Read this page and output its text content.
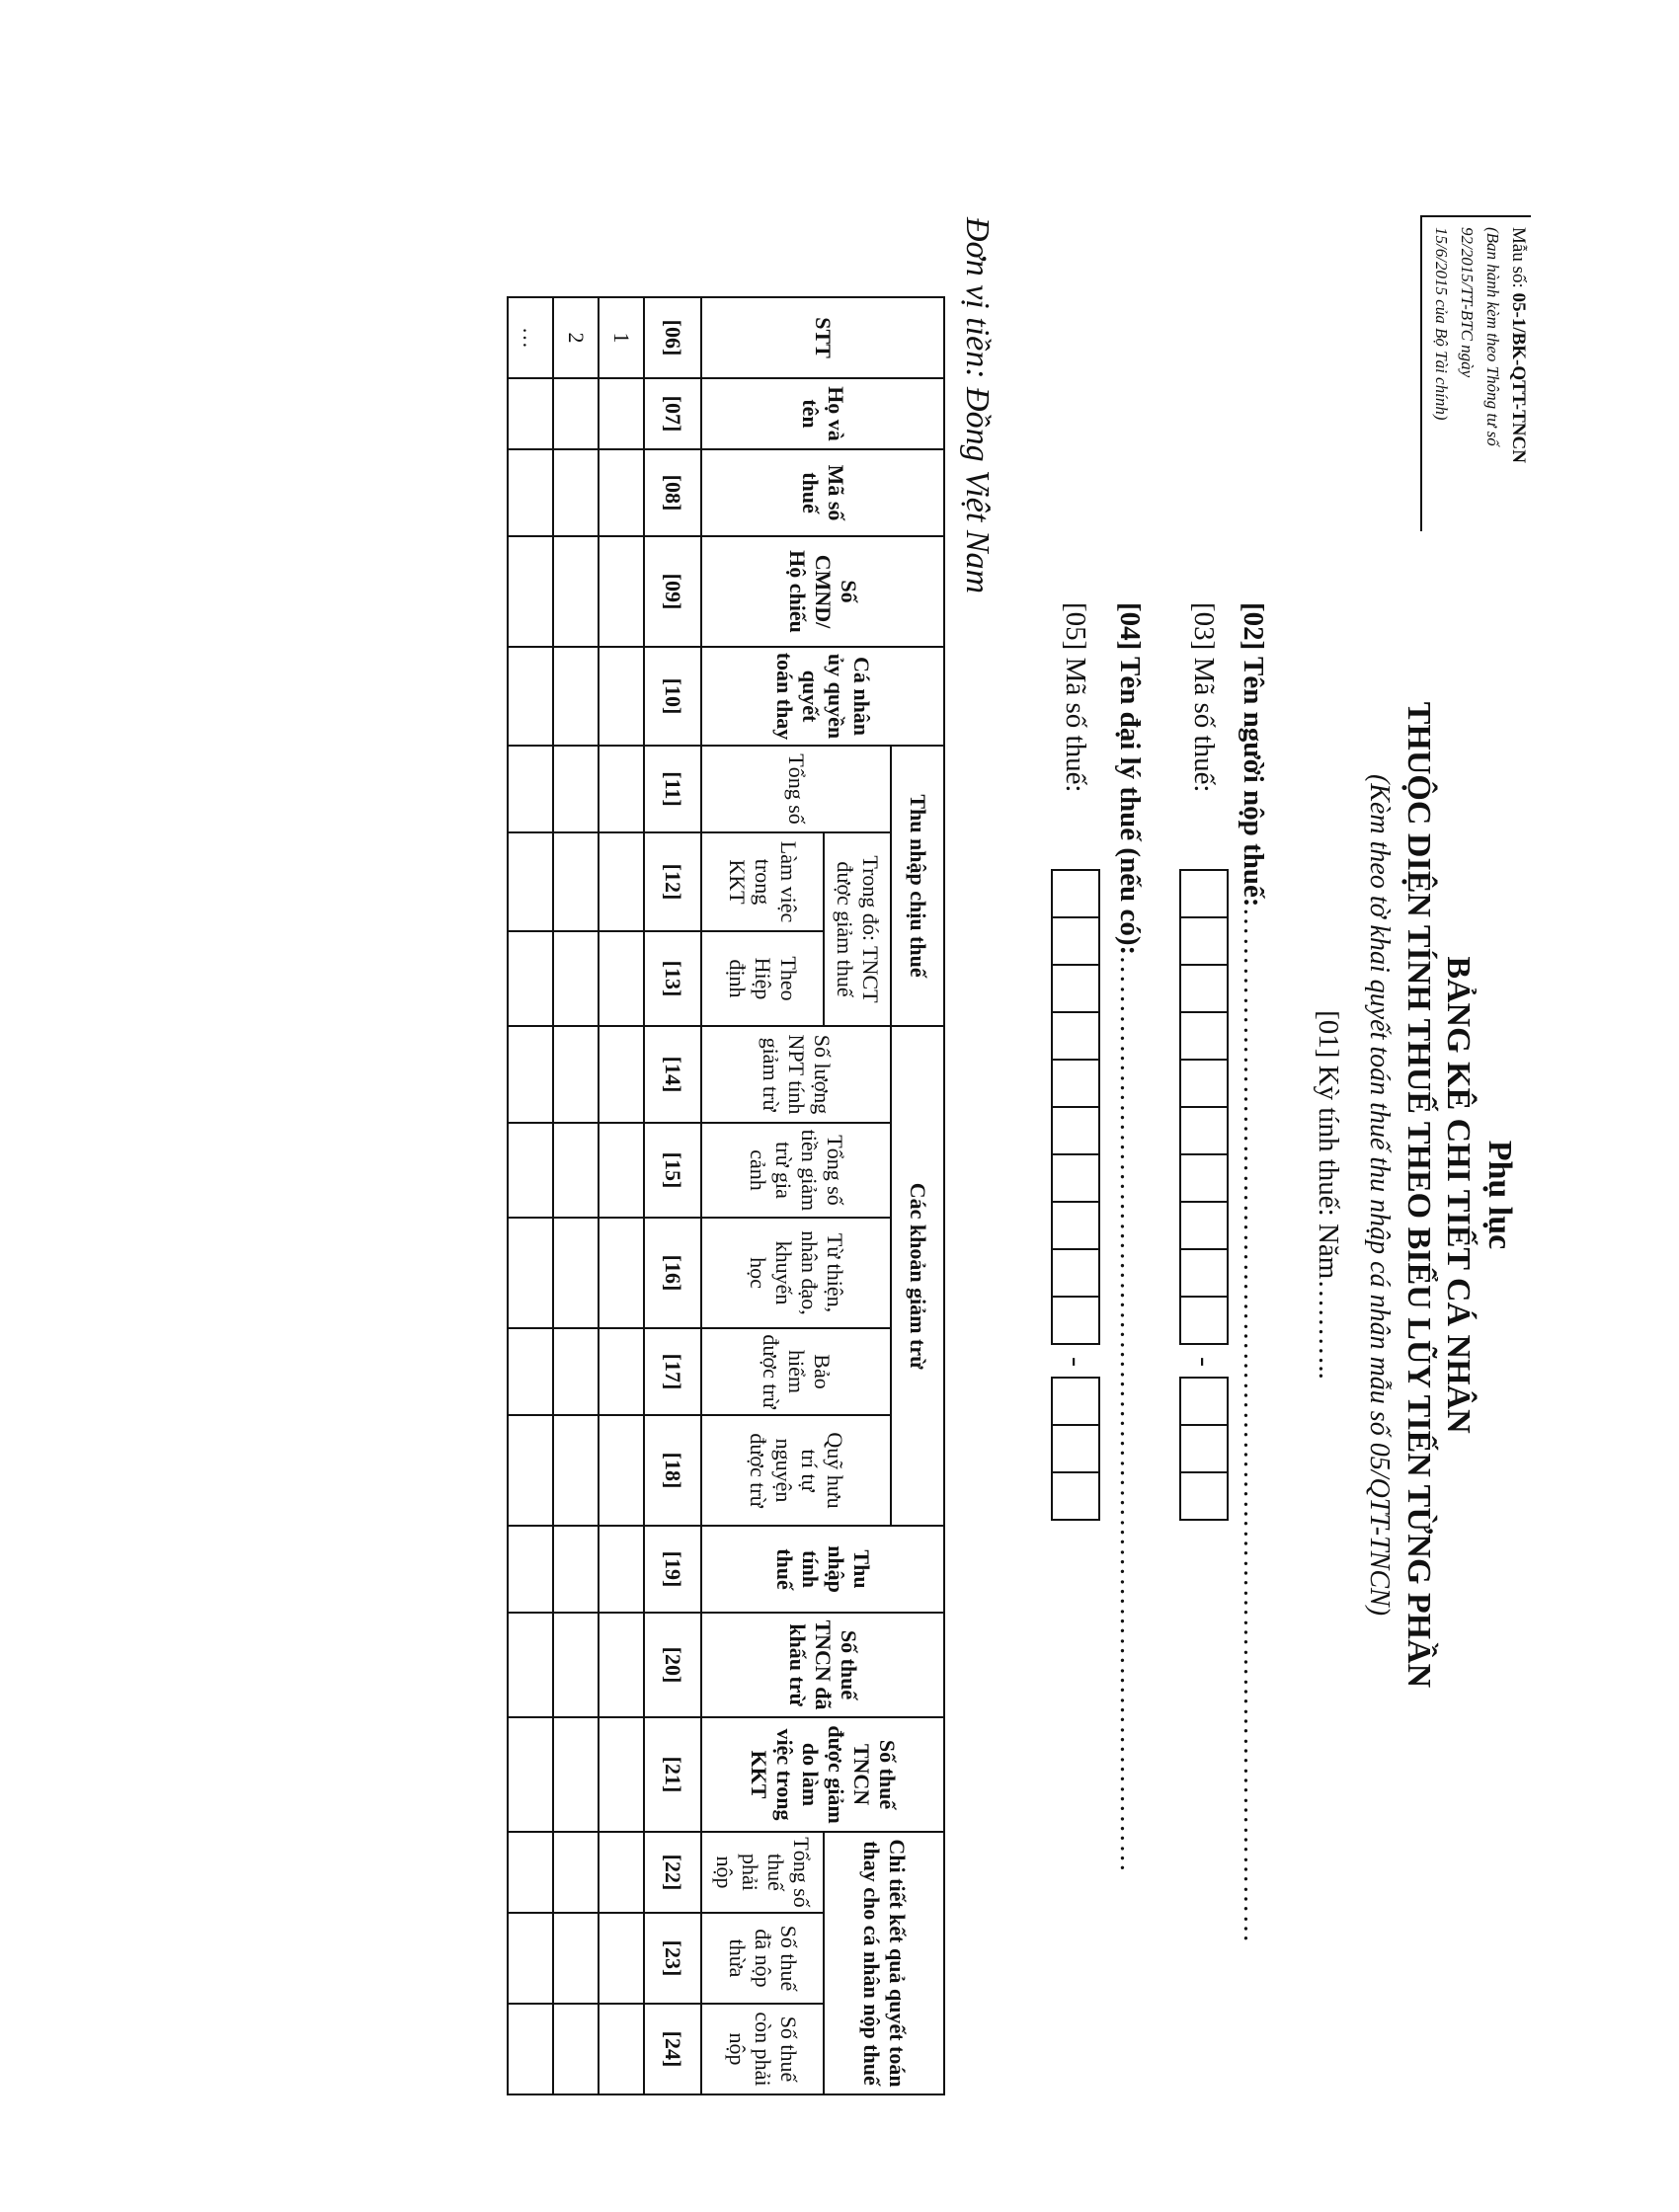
Mẫu số: 05-1/BK-QTT-TNCN
(Ban hành kèm theo Thông tư số
92/2015/TT-BTC ngày
15/6/2015 của Bộ Tài chính)
Phụ lục
BẢNG KÊ CHI TIẾT CÁ NHÂN
THUỘC DIỆN TÍNH THUẾ THEO BIỂU LŨY TIẾN TỪNG PHẦN
(Kèm theo tờ khai quyết toán thuế thu nhập cá nhân mẫu số 05/QTT-TNCN)
[01] Kỳ tính thuế: Năm………..
[02] Tên người nộp thuế:……………………………………………………………………………………………
[03] Mã số thuế:
-
[04] Tên đại lý thuế (nếu có):…………………………………………………………………………………
[05] Mã số thuế:
-
Đơn vị tiền: Đồng Việt Nam
STT	Họ và tên	Mã số thuế	Số CMND/ Hộ chiếu	Cá nhân ủy quyền quyết toán thay	Thu nhập chịu thuế			Các khoản giảm trừ					Thu nhập tính thuế	Số thuế TNCN đã khấu trừ	Số thuế TNCN được giảm do làm việc trong KKT	Chi tiết kết quả quyết toán thay cho cá nhân nộp thuế		
					Tổng số	Trong đó: TNCT được giảm thuế		Số lượng NPT tính giảm trừ	Tổng số tiền giảm trừ gia cảnh	Từ thiện, nhân đạo, khuyến học	Bảo hiểm được trừ	Quỹ hưu trí tự nguyện được trừ						
						Làm việc trong KKT	Theo Hiệp định									Tổng số thuế phải nộp	Số thuế đã nộp thừa	Số thuế còn phải nộp
[06]	[07]	[08]	[09]	[10]	[11]	[12]	[13]	[14]	[15]	[16]	[17]	[18]	[19]	[20]	[21]	[22]	[23]	[24]
1																		
2																		
…																		
